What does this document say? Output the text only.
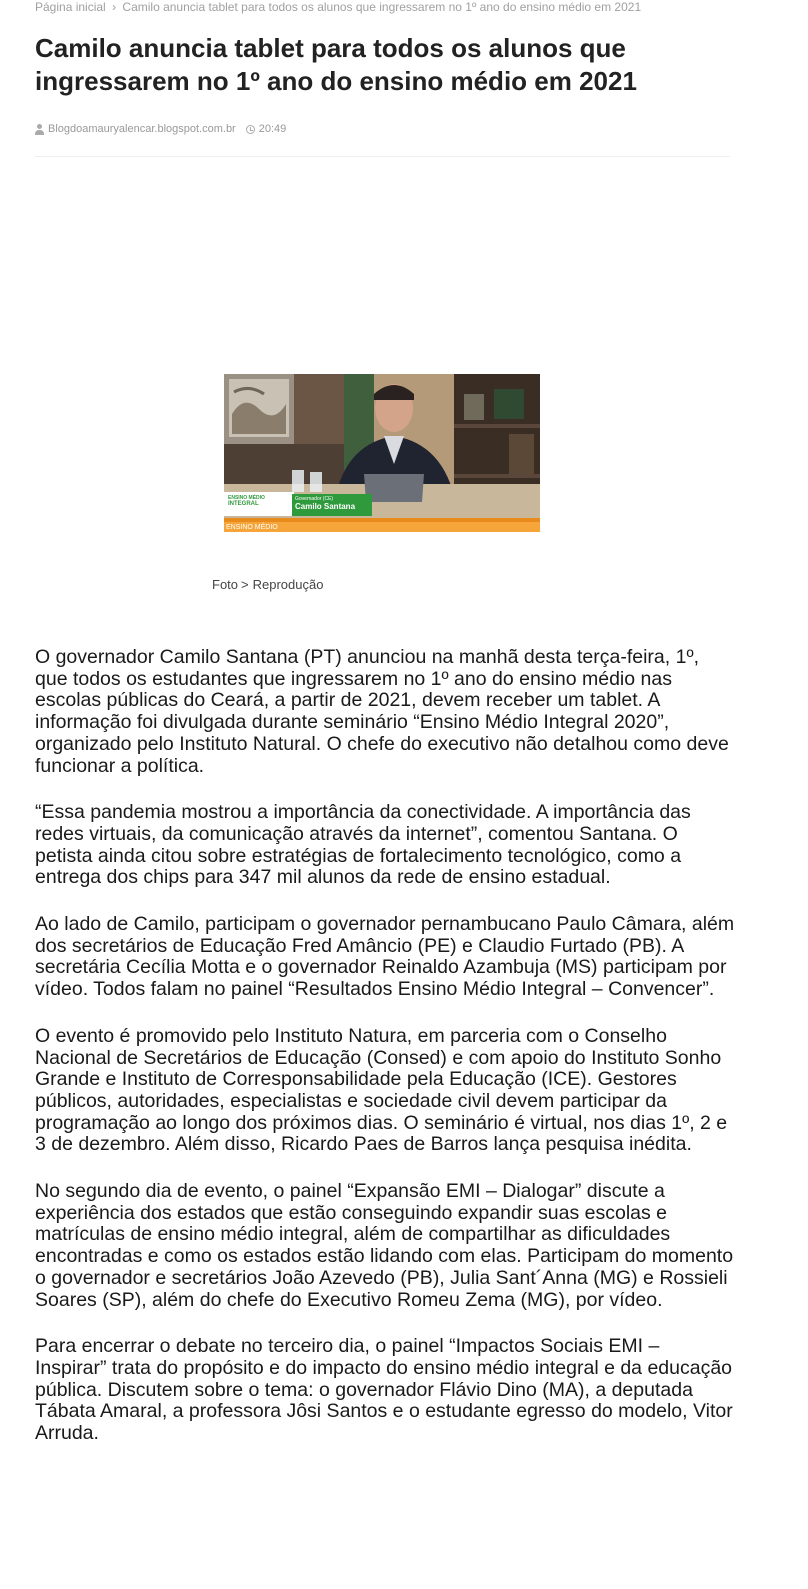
Página inicial › Camilo anuncia tablet para todos os alunos que ingressarem no 1º ano do ensino médio em 2021
Camilo anuncia tablet para todos os alunos que ingressarem no 1º ano do ensino médio em 2021
Blogdoamauryalencar.blogspot.com.br 20:49
ENSINO MÉDIO
INTEGRAL
Governador (CE)
Camilo Santana
ENSINO MÉDIO
Foto > Reprodução

O governador Camilo Santana (PT) anunciou na manhã desta terça-feira, 1º, que todos os estudantes que ingressarem no 1º ano do ensino médio nas escolas públicas do Ceará, a partir de 2021, devem receber um tablet. A informação foi divulgada durante seminário “Ensino Médio Integral 2020”, organizado pelo Instituto Natural. O chefe do executivo não detalhou como deve funcionar a política.

“Essa pandemia mostrou a importância da conectividade. A importância das redes virtuais, da comunicação através da internet”, comentou Santana. O petista ainda citou sobre estratégias de fortalecimento tecnológico, como a entrega dos chips para 347 mil alunos da rede de ensino estadual.

Ao lado de Camilo, participam o governador pernambucano Paulo Câmara, além dos secretários de Educação Fred Amâncio (PE) e Claudio Furtado (PB). A secretária Cecília Motta e o governador Reinaldo Azambuja (MS) participam por vídeo. Todos falam no painel “Resultados Ensino Médio Integral – Convencer”.

O evento é promovido pelo Instituto Natura, em parceria com o Conselho Nacional de Secretários de Educação (Consed) e com apoio do Instituto Sonho Grande e Instituto de Corresponsabilidade pela Educação (ICE). Gestores públicos, autoridades, especialistas e sociedade civil devem participar da programação ao longo dos próximos dias. O seminário é virtual, nos dias 1º, 2 e 3 de dezembro. Além disso, Ricardo Paes de Barros lança pesquisa inédita.

No segundo dia de evento, o painel “Expansão EMI – Dialogar” discute a experiência dos estados que estão conseguindo expandir suas escolas e matrículas de ensino médio integral, além de compartilhar as dificuldades encontradas e como os estados estão lidando com elas. Participam do momento o governador e secretários João Azevedo (PB), Julia Sant´Anna (MG) e Rossieli Soares (SP), além do chefe do Executivo Romeu Zema (MG), por vídeo.

Para encerrar o debate no terceiro dia, o painel “Impactos Sociais EMI – Inspirar” trata do propósito e do impacto do ensino médio integral e da educação pública. Discutem sobre o tema: o governador Flávio Dino (MA), a deputada Tábata Amaral, a professora Jôsi Santos e o estudante egresso do modelo, Vitor Arruda.
